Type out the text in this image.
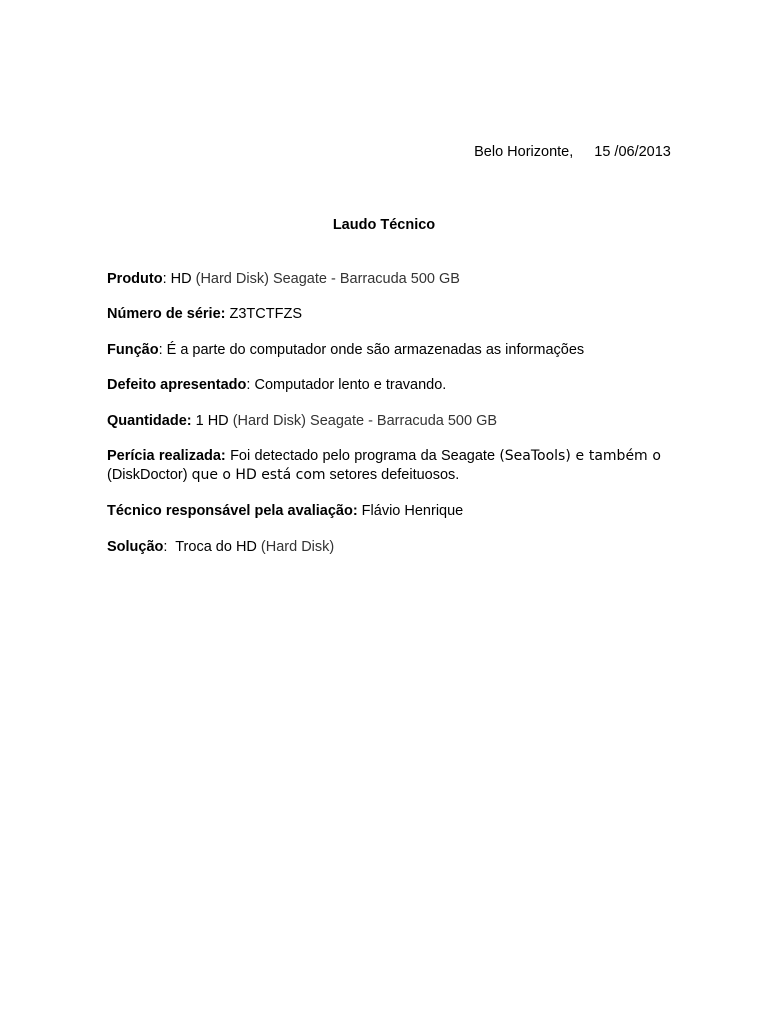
Belo Horizonte, 15 /06/2013

Laudo Técnico
Produto: HD (Hard Disk) Seagate - Barracuda 500 GB
Número de série: Z3TCTFZS
Função: É a parte do computador onde são armazenadas as informações
Defeito apresentado: Computador lento e travando.
Quantidade: 1 HD (Hard Disk) Seagate - Barracuda 500 GB
Perícia realizada: Foi detectado pelo programa da Seagate (SeaTools) e também o (DiskDoctor) que o HD está com setores defeituosos.
Técnico responsável pela avaliação: Flávio Henrique
Solução:  Troca do HD (Hard Disk)
